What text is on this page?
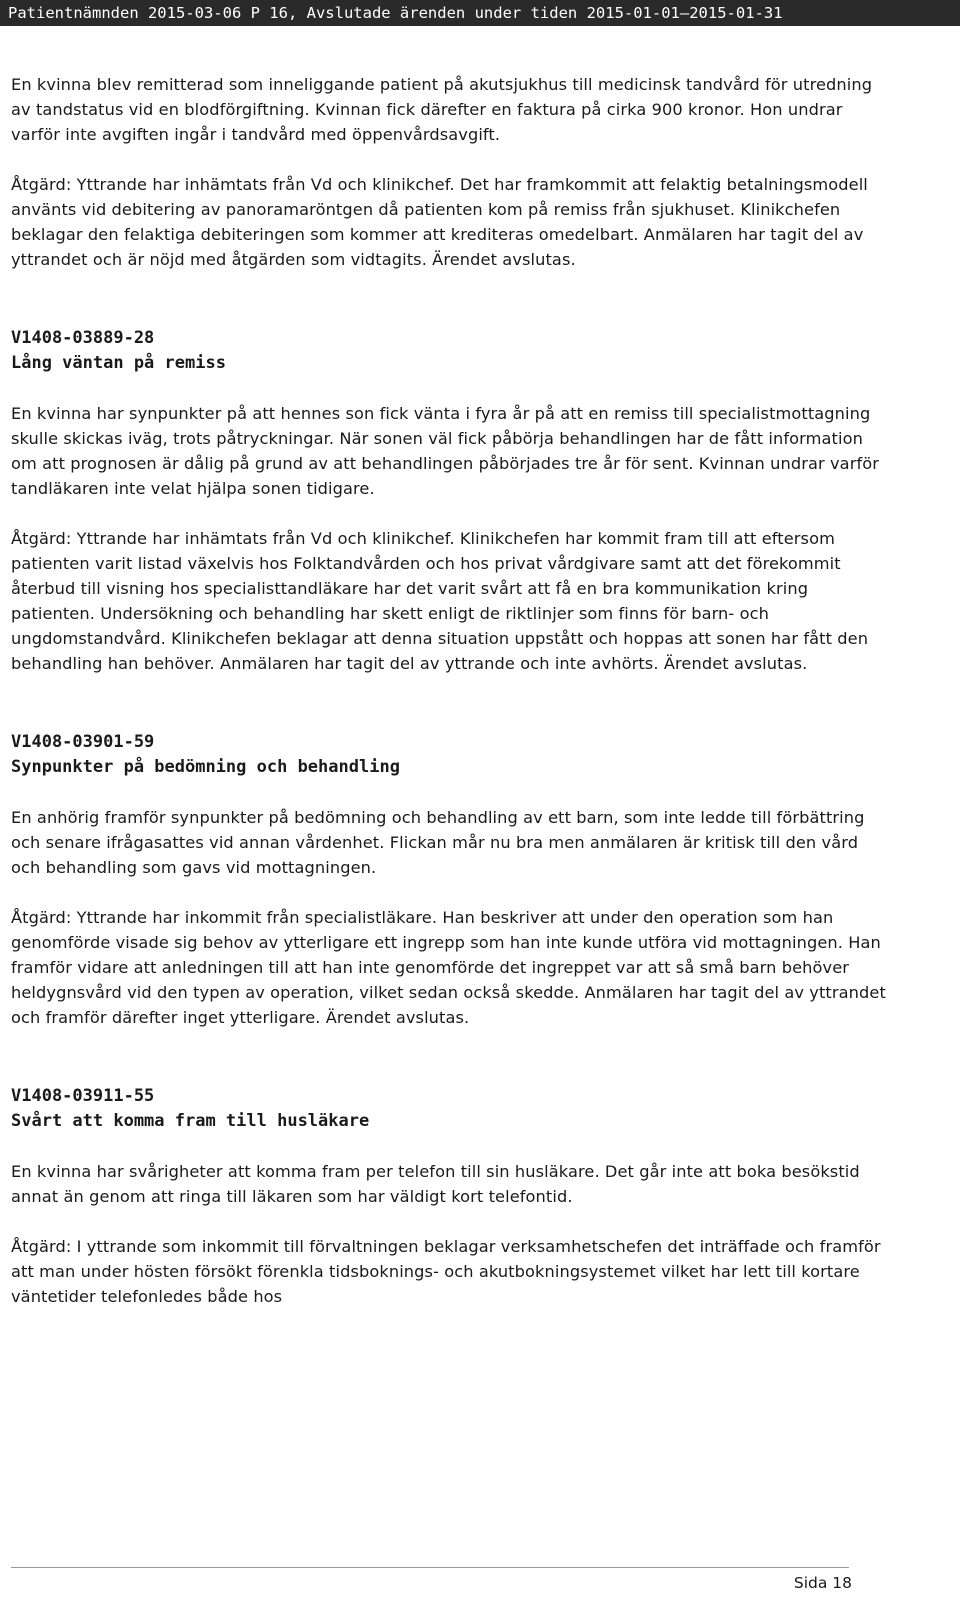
Patientnämnden 2015-03-06 P 16, Avslutade ärenden under tiden 2015-01-01—2015-01-31

En kvinna blev remitterad som inneliggande patient på akutsjukhus till medicinsk tandvård för utredning av tandstatus vid en blodförgiftning. Kvinnan fick därefter en faktura på cirka 900 kronor. Hon undrar varför inte avgiften ingår i tandvård med öppenvårdsavgift.

Åtgärd: Yttrande har inhämtats från Vd och klinikchef. Det har framkommit att felaktig betalningsmodell använts vid debitering av panoramaröntgen då patienten kom på remiss från sjukhuset. Klinikchefen beklagar den felaktiga debiteringen som kommer att krediteras omedelbart. Anmälaren har tagit del av yttrandet och är nöjd med åtgärden som vidtagits. Ärendet avslutas.

V1408-03889-28

Lång väntan på remiss

En kvinna har synpunkter på att hennes son fick vänta i fyra år på att en remiss till specialistmottagning skulle skickas iväg, trots påtryckningar. När sonen väl fick påbörja behandlingen har de fått information om att prognosen är dålig på grund av att behandlingen påbörjades tre år för sent. Kvinnan undrar varför tandläkaren inte velat hjälpa sonen tidigare.

Åtgärd: Yttrande har inhämtats från Vd och klinikchef. Klinikchefen har kommit fram till att eftersom patienten varit listad växelvis hos Folktandvården och hos privat vårdgivare samt att det förekommit återbud till visning hos specialisttandläkare har det varit svårt att få en bra kommunikation kring patienten. Undersökning och behandling har skett enligt de riktlinjer som finns för barn- och ungdomstandvård. Klinikchefen beklagar att denna situation uppstått och hoppas att sonen har fått den behandling han behöver. Anmälaren har tagit del av yttrande och inte avhörts. Ärendet avslutas.

V1408-03901-59

Synpunkter på bedömning och behandling

En anhörig framför synpunkter på bedömning och behandling av ett barn, som inte ledde till förbättring och senare ifrågasattes vid annan vårdenhet. Flickan mår nu bra men anmälaren är kritisk till den vård och behandling som gavs vid mottagningen.

Åtgärd: Yttrande har inkommit från specialistläkare. Han beskriver att under den operation som han genomförde visade sig behov av ytterligare ett ingrepp som han inte kunde utföra vid mottagningen. Han framför vidare att anledningen till att han inte genomförde det ingreppet var att så små barn behöver heldygnsvård vid den typen av operation, vilket sedan också skedde. Anmälaren har tagit del av yttrandet och framför därefter inget ytterligare. Ärendet avslutas.

V1408-03911-55

Svårt att komma fram till husläkare

En kvinna har svårigheter att komma fram per telefon till sin husläkare. Det går inte att boka besökstid annat än genom att ringa till läkaren som har väldigt kort telefontid.

Åtgärd: I yttrande som inkommit till förvaltningen beklagar verksamhetschefen det inträffade och framför att man under hösten försökt förenkla tidsboknings- och akutbokningsystemet vilket har lett till kortare väntetider telefonledes både hos

Sida 18
